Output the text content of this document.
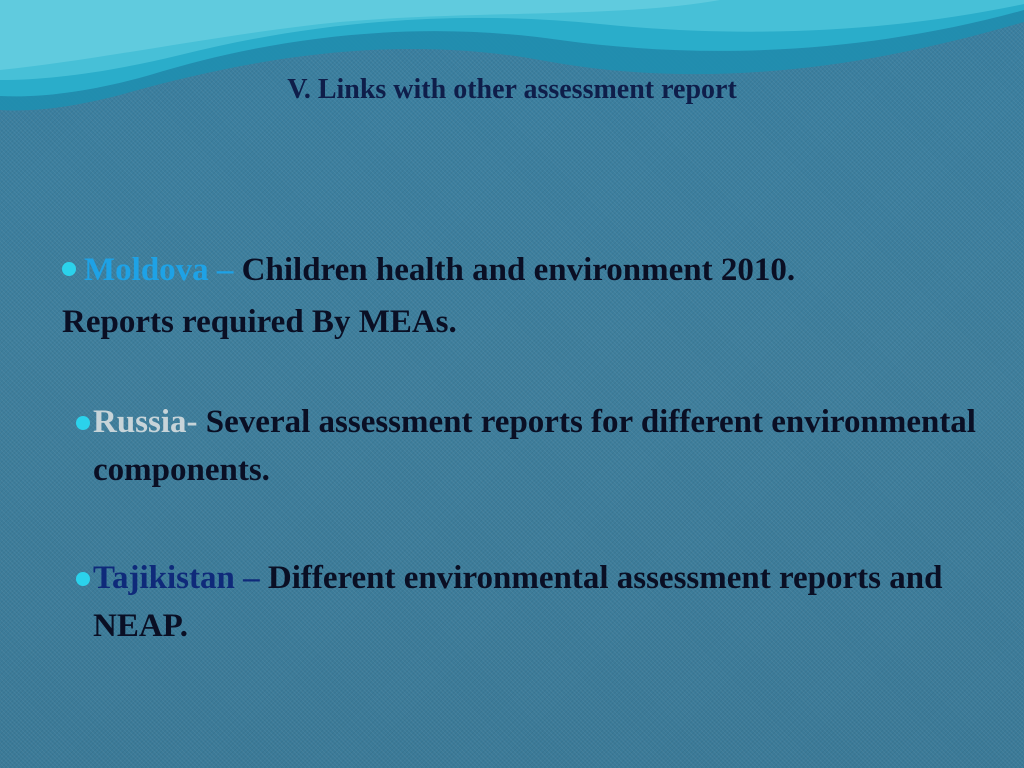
V. Links with other assessment report
Moldova – Children health and environment 2010.
Reports required By MEAs.
Russia- Several assessment reports for different environmental components.
Tajikistan – Different environmental assessment reports and NEAP.
